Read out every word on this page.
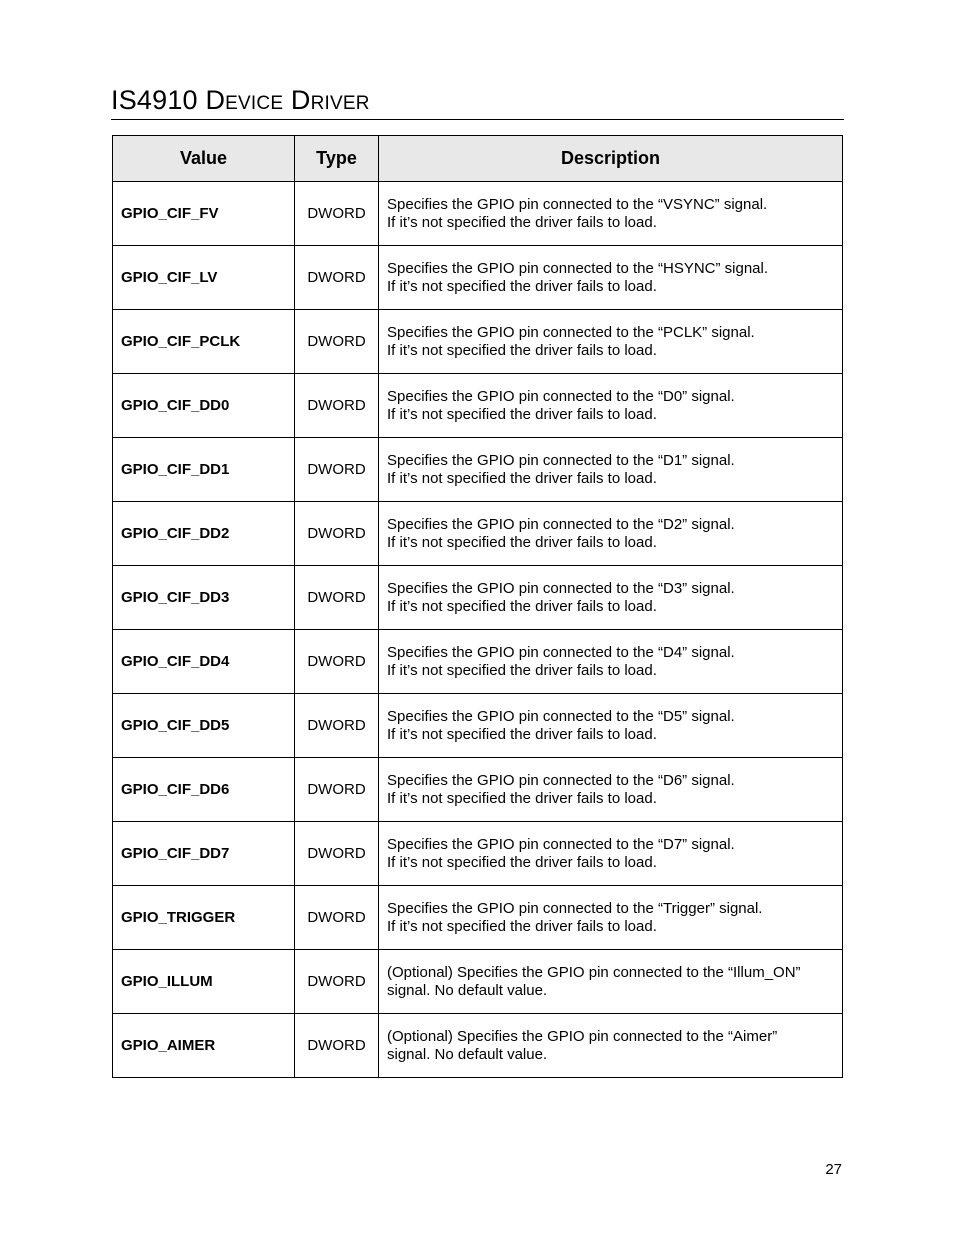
IS4910 Device Driver
Value	Type	Description
GPIO_CIF_FV	DWORD	Specifies the GPIO pin connected to the “VSYNC” signal.
If it’s not specified the driver fails to load.

GPIO_CIF_LV	DWORD	Specifies the GPIO pin connected to the “HSYNC” signal.
If it’s not specified the driver fails to load.

GPIO_CIF_PCLK	DWORD	Specifies the GPIO pin connected to the “PCLK” signal.
If it’s not specified the driver fails to load.

GPIO_CIF_DD0	DWORD	Specifies the GPIO pin connected to the “D0” signal.
If it’s not specified the driver fails to load.

GPIO_CIF_DD1	DWORD	Specifies the GPIO pin connected to the “D1” signal.
If it’s not specified the driver fails to load.

GPIO_CIF_DD2	DWORD	Specifies the GPIO pin connected to the “D2” signal.
If it’s not specified the driver fails to load.

GPIO_CIF_DD3	DWORD	Specifies the GPIO pin connected to the “D3” signal.
If it’s not specified the driver fails to load.

GPIO_CIF_DD4	DWORD	Specifies the GPIO pin connected to the “D4” signal.
If it’s not specified the driver fails to load.

GPIO_CIF_DD5	DWORD	Specifies the GPIO pin connected to the “D5” signal.
If it’s not specified the driver fails to load.

GPIO_CIF_DD6	DWORD	Specifies the GPIO pin connected to the “D6” signal.
If it’s not specified the driver fails to load.

GPIO_CIF_DD7	DWORD	Specifies the GPIO pin connected to the “D7” signal.
If it’s not specified the driver fails to load.

GPIO_TRIGGER	DWORD	Specifies the GPIO pin connected to the “Trigger” signal.
If it’s not specified the driver fails to load.

GPIO_ILLUM	DWORD	(Optional) Specifies the GPIO pin connected to the “Illum_ON”
signal. No default value.

GPIO_AIMER	DWORD	(Optional) Specifies the GPIO pin connected to the “Aimer”
signal. No default value.
27
